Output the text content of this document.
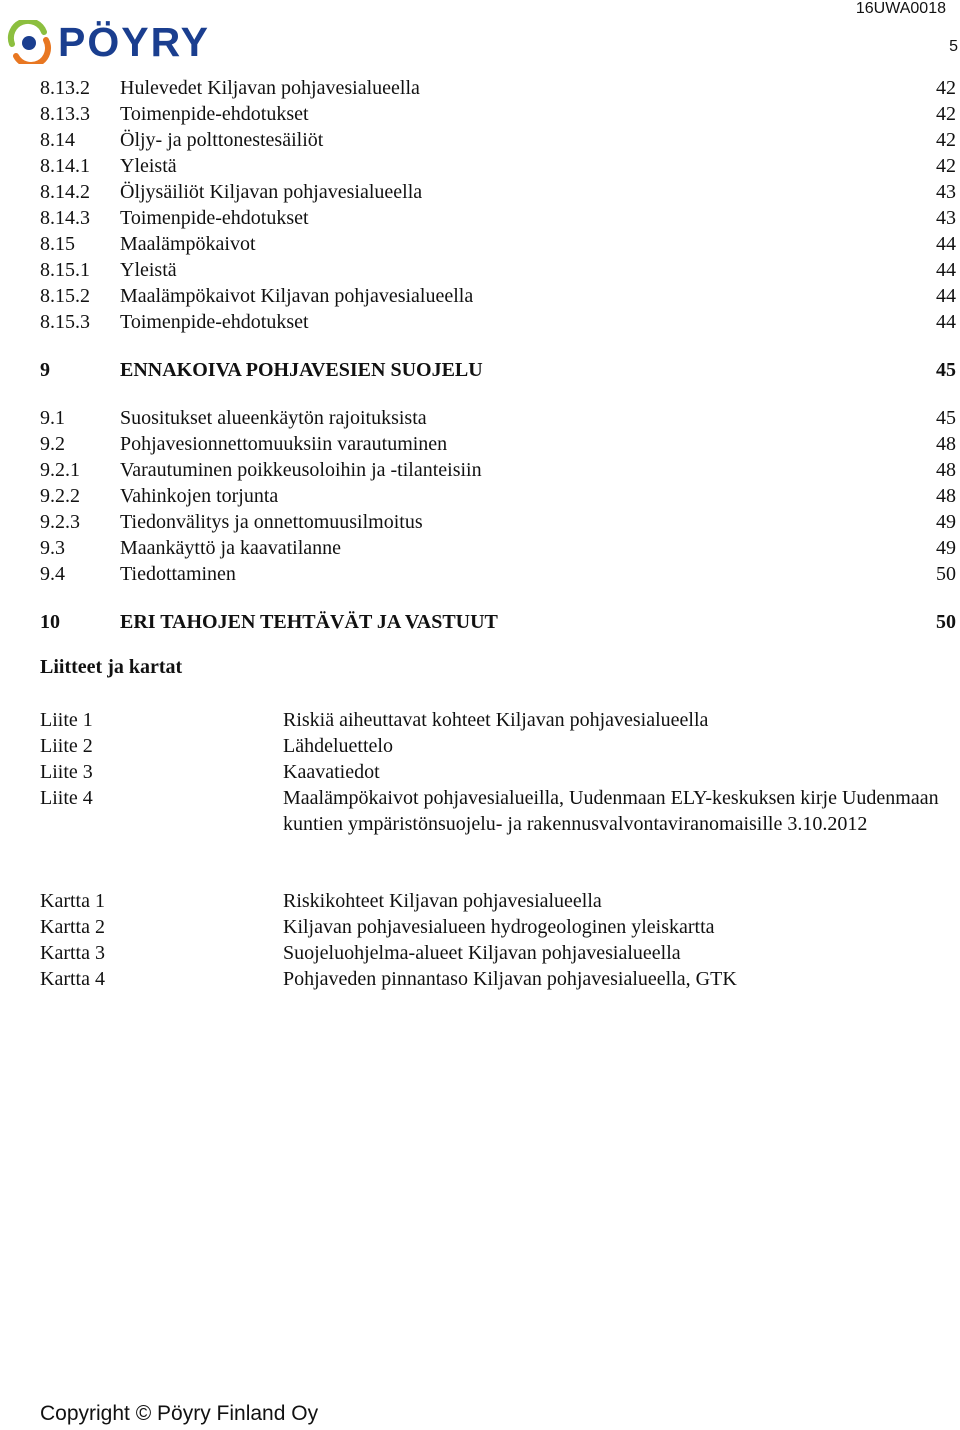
PÖYRY
16UWA0018
5
8.13.2 Hulevedet Kiljavan pohjavesialueella	42
8.13.3 Toimenpide-ehdotukset	42
8.14 Öljy- ja polttonestesäiliöt	42
8.14.1 Yleistä	42
8.14.2 Öljysäiliöt Kiljavan pohjavesialueella	43
8.14.3 Toimenpide-ehdotukset	43
8.15 Maalämpökaivot	44
8.15.1 Yleistä	44
8.15.2 Maalämpökaivot Kiljavan pohjavesialueella	44
8.15.3 Toimenpide-ehdotukset	44
9	ENNAKOIVA POHJAVESIEN SUOJELU	45
9.1	Suositukset alueenkäytön rajoituksista	45
9.2	Pohjavesionnettomuuksiin varautuminen	48
9.2.1 Varautuminen poikkeusoloihin ja -tilanteisiin	48
9.2.2 Vahinkojen torjunta	48
9.2.3 Tiedonvälitys ja onnettomuusilmoitus	49
9.3	Maankäyttö ja kaavatilanne	49
9.4	Tiedottaminen	50
10	ERI TAHOJEN TEHTÄVÄT JA VASTUUT	50
Liitteet ja kartat
Liite 1	Riskiä aiheuttavat kohteet Kiljavan pohjavesialueella
Liite 2	Lähdeluettelo
Liite 3	Kaavatiedot
Liite 4	Maalämpökaivot pohjavesialueilla, Uudenmaan ELY-keskuksen kirje Uudenmaan kuntien ympäristönsuojelu- ja rakennusvalvontaviranomaisille 3.10.2012
Kartta 1	Riskikohteet Kiljavan pohjavesialueella
Kartta 2	Kiljavan pohjavesialueen hydrogeologinen yleiskartta
Kartta 3	Suojeluohjelma-alueet Kiljavan pohjavesialueella
Kartta 4	Pohjaveden pinnantaso Kiljavan pohjavesialueella, GTK
Copyright © Pöyry Finland Oy
